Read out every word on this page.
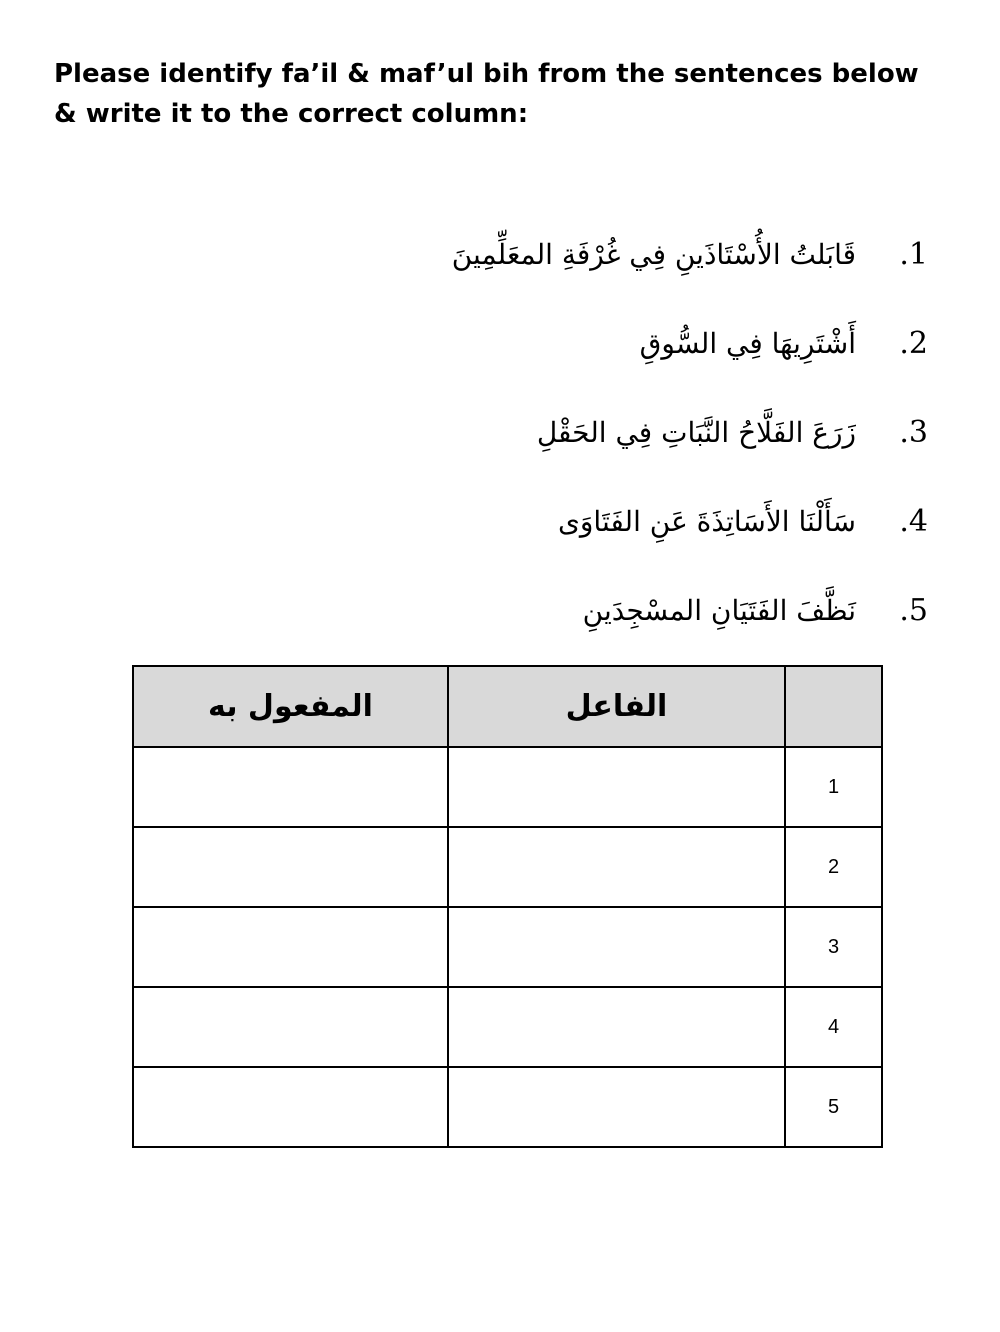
Please identify fa’il & maf’ul bih from the sentences below & write it to the correct column:

1.
قَابَلتُ الأُسْتَاذَينِ فِي غُرْفَةِ المعَلِّمِينَ
2.
أَشْتَرِيهَا فِي السُّوقِ
3.
زَرَعَ الفَلَّاحُ النَّبَاتِ فِي الحَقْلِ
4.
سَأَلْنَا الأَسَاتِذَةَ عَنِ الفَتَاوَى
5.
نَظَّفَ الفَتَيَانِ المسْجِدَينِ
المفعول به	الفاعل	
		1
		2
		3
		4
		5
